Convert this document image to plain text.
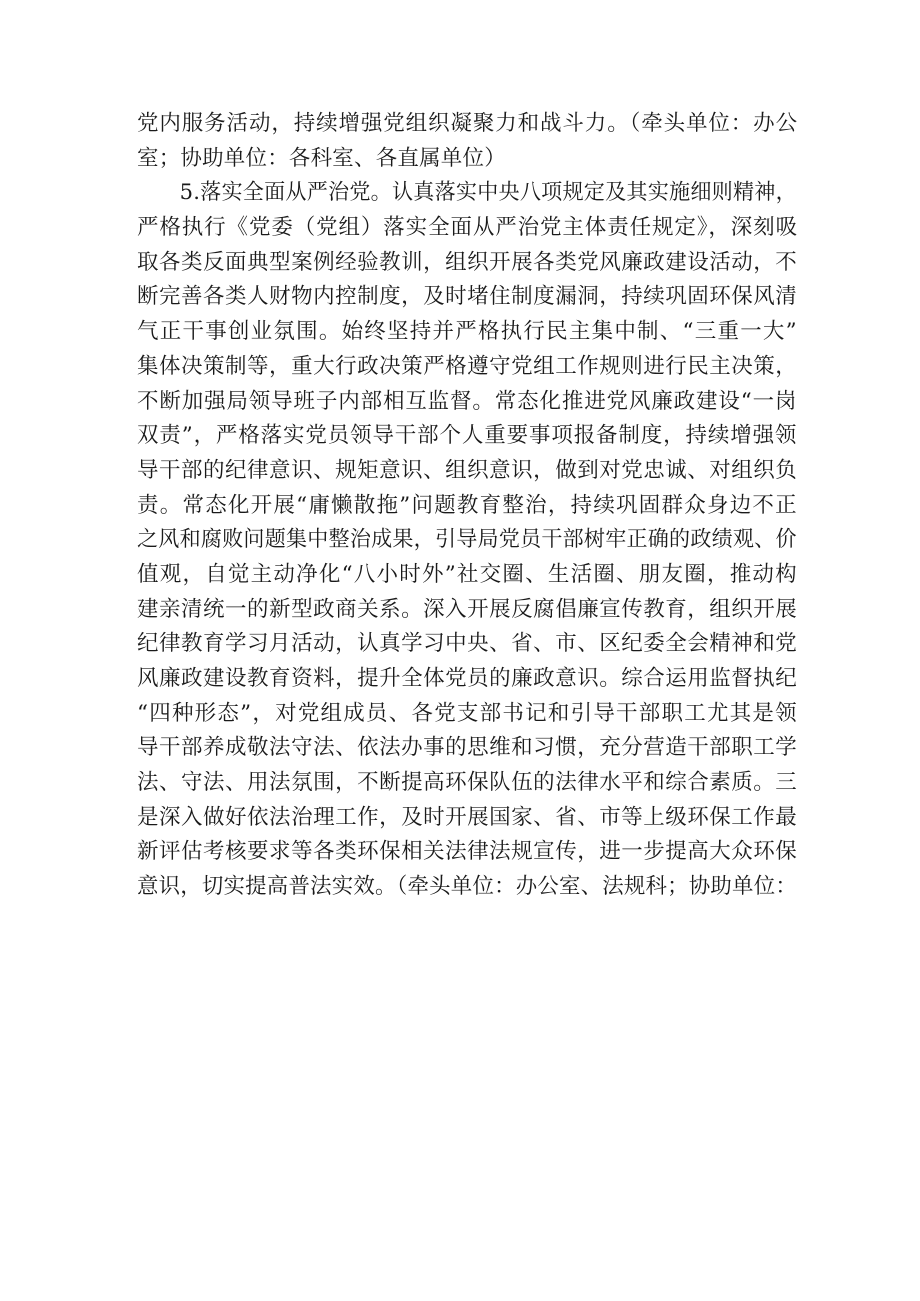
党内服务活动，持续增强党组织凝聚力和战斗力。（牵头单位：办公
室；协助单位：各科室、各直属单位）
　　5.落实全面从严治党。认真落实中央八项规定及其实施细则精神，
严格执行《党委（党组）落实全面从严治党主体责任规定》，深刻吸
取各类反面典型案例经验教训，组织开展各类党风廉政建设活动，不
断完善各类人财物内控制度，及时堵住制度漏洞，持续巩固环保风清
气正干事创业氛围。始终坚持并严格执行民主集中制、“三重一大”
集体决策制等，重大行政决策严格遵守党组工作规则进行民主决策，
不断加强局领导班子内部相互监督。常态化推进党风廉政建设“一岗
双责”，严格落实党员领导干部个人重要事项报备制度，持续增强领
导干部的纪律意识、规矩意识、组织意识，做到对党忠诚、对组织负
责。常态化开展“庸懒散拖”问题教育整治，持续巩固群众身边不正
之风和腐败问题集中整治成果，引导局党员干部树牢正确的政绩观、价
值观，自觉主动净化“八小时外”社交圈、生活圈、朋友圈，推动构
建亲清统一的新型政商关系。深入开展反腐倡廉宣传教育，组织开展
纪律教育学习月活动，认真学习中央、省、市、区纪委全会精神和党
风廉政建设教育资料，提升全体党员的廉政意识。综合运用监督执纪
“四种形态”，对党组成员、各党支部书记和引导干部职工尤其是领
导干部养成敬法守法、依法办事的思维和习惯，充分营造干部职工学
法、守法、用法氛围，不断提高环保队伍的法律水平和综合素质。三
是深入做好依法治理工作，及时开展国家、省、市等上级环保工作最
新评估考核要求等各类环保相关法律法规宣传，进一步提高大众环保
意识，切实提高普法实效。（牵头单位：办公室、法规科；协助单位：
